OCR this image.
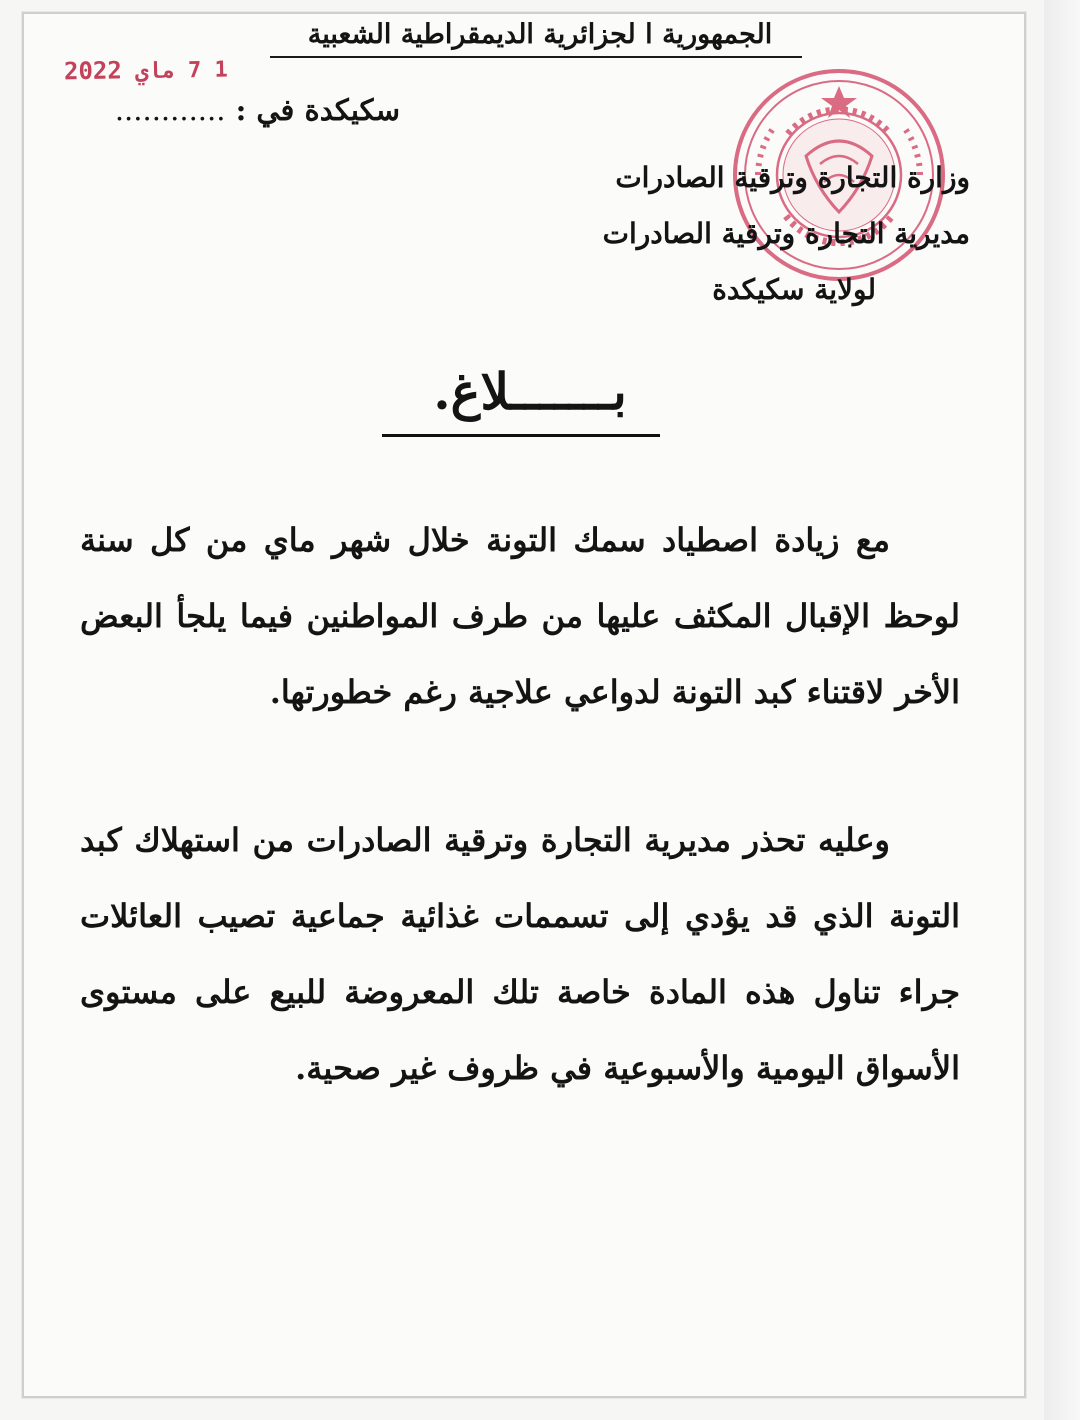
الجمهورية ا لجزائرية الديمقراطية الشعبية
1 7 ماي 2022
سكيكدة في : ............
وزارة التجارة وترقية الصادرات
مديرية التجارة وترقية الصادرات
لولاية سكيكدة
بـــــــلاغ.
مع زيادة اصطياد سمك التونة خلال شهر ماي من كل سنة لوحظ الإقبال المكثف عليها من طرف المواطنين فيما يلجأ البعض الأخر لاقتناء كبد التونة لدواعي علاجية رغم خطورتها.
وعليه تحذر مديرية التجارة وترقية الصادرات من استهلاك كبد التونة الذي قد يؤدي إلى تسممات غذائية جماعية تصيب العائلات جراء تناول هذه المادة خاصة تلك المعروضة للبيع على مستوى الأسواق اليومية والأسبوعية في ظروف غير صحية.
